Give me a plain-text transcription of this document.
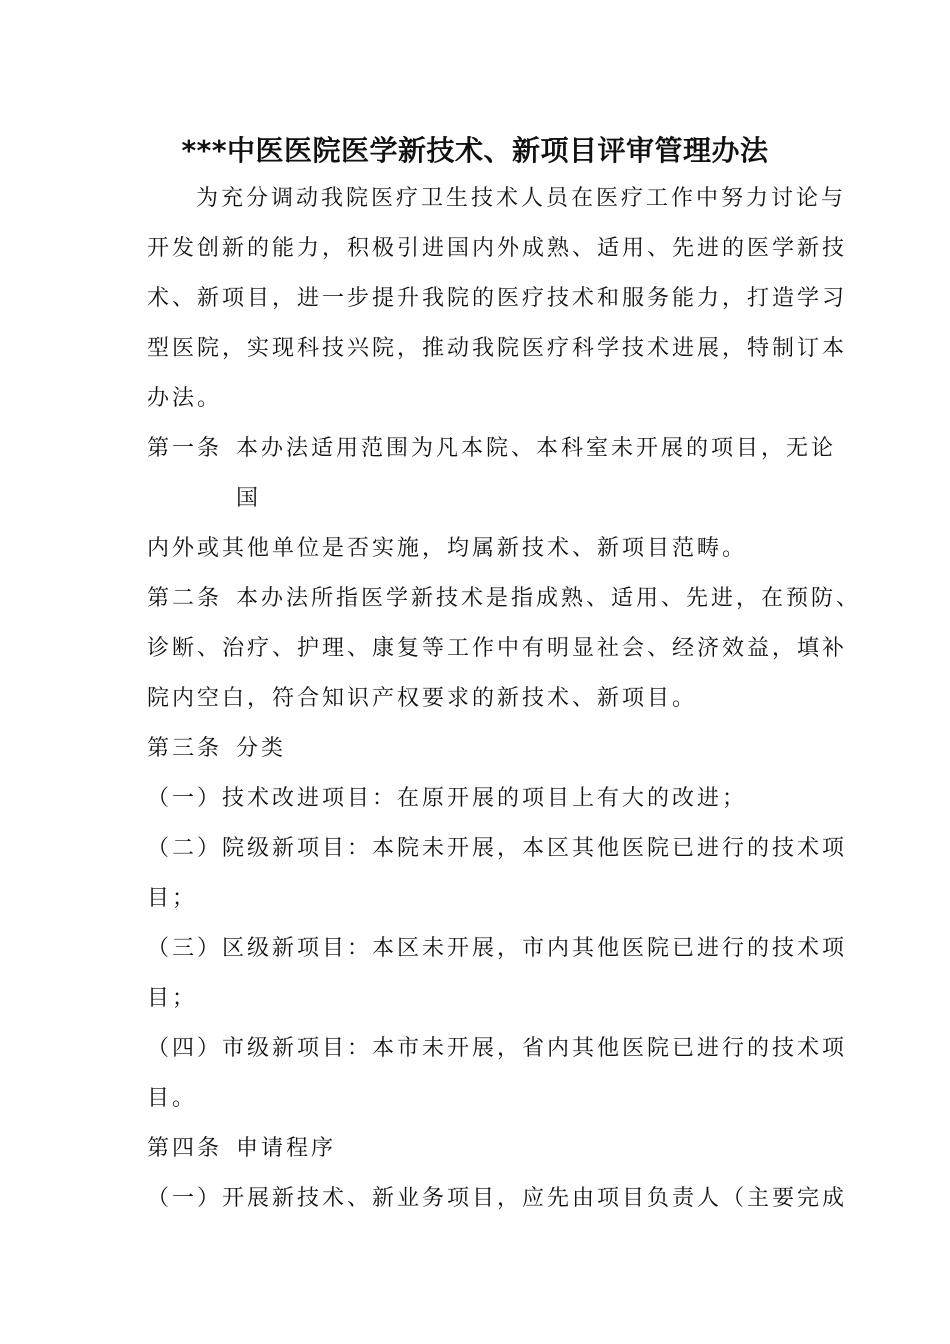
***中医医院医学新技术、新项目评审管理办法
为充分调动我院医疗卫生技术人员在医疗工作中努力讨论与
开发创新的能力，积极引进国内外成熟、适用、先进的医学新技
术、新项目，进一步提升我院的医疗技术和服务能力，打造学习
型医院，实现科技兴院，推动我院医疗科学技术进展，特制订本
办法。
第一条 本办法适用范围为凡本院、本科室未开展的项目，无论
国
内外或其他单位是否实施，均属新技术、新项目范畴。
第二条 本办法所指医学新技术是指成熟、适用、先进，在预防、
诊断、治疗、护理、康复等工作中有明显社会、经济效益，填补
院内空白，符合知识产权要求的新技术、新项目。
第三条 分类
（一）技术改进项目：在原开展的项目上有大的改进；
（二）院级新项目：本院未开展，本区其他医院已进行的技术项
目；
（三）区级新项目：本区未开展，市内其他医院已进行的技术项
目；
（四）市级新项目：本市未开展，省内其他医院已进行的技术项
目。
第四条 申请程序
（一）开展新技术、新业务项目，应先由项目负责人（主要完成
